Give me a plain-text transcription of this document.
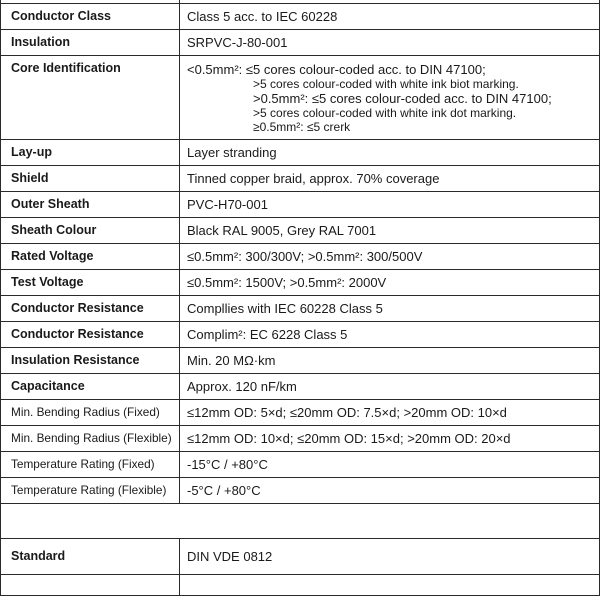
Conductor Class	Class 5 acc. to IEC 60228
Insulation	SRPVC-J-80-001
Core Identification	<0.5mm²: ≤5 cores colour-coded acc. to DIN 47100;
>5 cores colour-coded with white ink biot marking.
>0.5mm²: ≤5 cores colour-coded acc. to DIN 47100;
>5 cores colour-coded with white ink dot marking.
≥0.5mm²: ≤5 crerk

Lay-up	Layer stranding
Shield	Tinned copper braid, approx. 70% coverage
Outer Sheath	PVC-H70-001
Sheath Colour	Black RAL 9005, Grey RAL 7001
Rated Voltage	≤0.5mm²: 300/300V; >0.5mm²: 300/500V
Test Voltage	≤0.5mm²: 1500V; >0.5mm²: 2000V
Conductor Resistance	Compllies with IEC 60228 Class 5
Conductor Resistance	Complim²: EC 6228 Class 5
Insulation Resistance	Min. 20 MΩ·km
Capacitance	Approx. 120 nF/km
Min. Bending Radius (Fixed)	≤12mm OD: 5×d; ≤20mm OD: 7.5×d; >20mm OD: 10×d
Min. Bending Radius (Flexible)	≤12mm OD: 10×d; ≤20mm OD: 15×d; >20mm OD: 20×d
Temperature Rating (Fixed)	-15°C / +80°C
Temperature Rating (Flexible)	-5°C / +80°C

Standard	DIN VDE 0812
